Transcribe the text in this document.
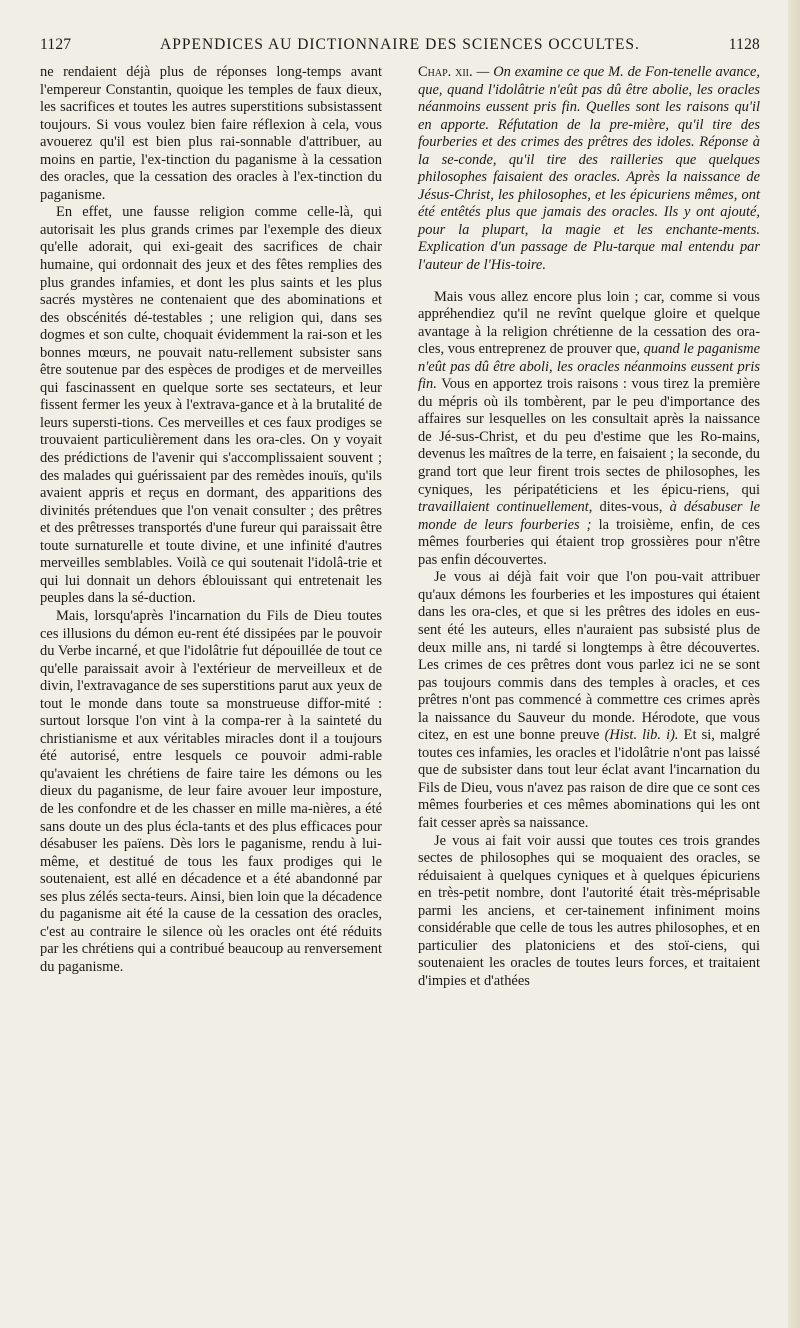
1127	APPENDICES AU DICTIONNAIRE DES SCIENCES OCCULTES.	1128

ne rendaient déjà plus de réponses long-temps avant l'empereur Constantin, quoique les temples de faux dieux, les sacrifices et toutes les autres superstitions subsistassent toujours. Si vous voulez bien faire réflexion à cela, vous avouerez qu'il est bien plus rai-sonnable d'attribuer, au moins en partie, l'ex-tinction du paganisme à la cessation des oracles, que la cessation des oracles à l'ex-tinction du paganisme.

En effet, une fausse religion comme celle-là, qui autorisait les plus grands crimes par l'exemple des dieux qu'elle adorait, qui exi-geait des sacrifices de chair humaine, qui ordonnait des jeux et des fêtes remplies des plus grandes infamies, et dont les plus saints et les plus sacrés mystères ne contenaient que des abominations et des obscénités dé-testables ; une religion qui, dans ses dogmes et son culte, choquait évidemment la rai-son et les bonnes mœurs, ne pouvait natu-rellement subsister sans être soutenue par des espèces de prodiges et de merveilles qui fascinassent en quelque sorte ses sectateurs, et leur fissent fermer les yeux à l'extrava-gance et à la brutalité de leurs supersti-tions. Ces merveilles et ces faux prodiges se trouvaient particulièrement dans les ora-cles. On y voyait des prédictions de l'avenir qui s'accomplissaient souvent ; des malades qui guérissaient par des remèdes inouïs, qu'ils avaient appris et reçus en dormant, des apparitions des divinités prétendues que l'on venait consulter ; des prêtres et des prêtresses transportés d'une fureur qui paraissait être toute surnaturelle et toute divine, et une infinité d'autres merveilles semblables. Voilà ce qui soutenait l'idolâ-trie et qui lui donnait un dehors éblouissant qui entretenait les peuples dans la sé-duction.

Mais, lorsqu'après l'incarnation du Fils de Dieu toutes ces illusions du démon eu-rent été dissipées par le pouvoir du Verbe incarné, et que l'idolâtrie fut dépouillée de tout ce qu'elle paraissait avoir à l'extérieur de merveilleux et de divin, l'extravagance de ses superstitions parut aux yeux de tout le monde dans toute sa monstrueuse diffor-mité : surtout lorsque l'on vint à la compa-rer à la sainteté du christianisme et aux véritables miracles dont il a toujours été autorisé, entre lesquels ce pouvoir admi-rable qu'avaient les chrétiens de faire taire les démons ou les dieux du paganisme, de leur faire avouer leur imposture, de les confondre et de les chasser en mille ma-nières, a été sans doute un des plus écla-tants et des plus efficaces pour désabuser les païens. Dès lors le paganisme, rendu à lui-même, et destitué de tous les faux prodiges qui le soutenaient, est allé en décadence et a été abandonné par ses plus zélés secta-teurs. Ainsi, bien loin que la décadence du paganisme ait été la cause de la cessation des oracles, c'est au contraire le silence où les oracles ont été réduits par les chrétiens qui a contribué beaucoup au renversement du paganisme.

Chap. xii. — On examine ce que M. de Fon-tenelle avance, que, quand l'idolâtrie n'eût pas dû être abolie, les oracles néanmoins eussent pris fin. Quelles sont les raisons qu'il en apporte. Réfutation de la pre-mière, qu'il tire des fourberies et des crimes des prêtres des idoles. Réponse à la se-conde, qu'il tire des railleries que quelques philosophes faisaient des oracles. Après la naissance de Jésus-Christ, les philosophes, et les épicuriens mêmes, ont été entêtés plus que jamais des oracles. Ils y ont ajouté, pour la plupart, la magie et les enchante-ments. Explication d'un passage de Plu-tarque mal entendu par l'auteur de l'His-toire.

Mais vous allez encore plus loin ; car, comme si vous appréhendiez qu'il ne revînt quelque gloire et quelque avantage à la religion chrétienne de la cessation des ora-cles, vous entreprenez de prouver que, quand le paganisme n'eût pas dû être aboli, les oracles néanmoins eussent pris fin. Vous en apportez trois raisons : vous tirez la première du mépris où ils tombèrent, par le peu d'importance des affaires sur lesquelles on les consultait après la naissance de Jé-sus-Christ, et du peu d'estime que les Ro-mains, devenus les maîtres de la terre, en faisaient ; la seconde, du grand tort que leur firent trois sectes de philosophes, les cyniques, les péripatéticiens et les épicu-riens, qui travaillaient continuellement, dites-vous, à désabuser le monde de leurs fourberies ; la troisième, enfin, de ces mêmes fourberies qui étaient trop grossières pour n'être pas enfin découvertes.

Je vous ai déjà fait voir que l'on pou-vait attribuer qu'aux démons les fourberies et les impostures qui étaient dans les ora-cles, et que si les prêtres des idoles en eus-sent été les auteurs, elles n'auraient pas subsisté plus de deux mille ans, ni tardé si longtemps à être découvertes. Les crimes de ces prêtres dont vous parlez ici ne se sont pas toujours commis dans des temples à oracles, et ces prêtres n'ont pas commencé à commettre ces crimes après la naissance du Sauveur du monde. Hérodote, que vous citez, en est une bonne preuve (Hist. lib. i). Et si, malgré toutes ces infamies, les oracles et l'idolâtrie n'ont pas laissé que de subsister dans tout leur éclat avant l'incarnation du Fils de Dieu, vous n'avez pas raison de dire que ce sont ces mêmes fourberies et ces mêmes abominations qui les ont fait cesser après sa naissance.

Je vous ai fait voir aussi que toutes ces trois grandes sectes de philosophes qui se moquaient des oracles, se réduisaient à quelques cyniques et à quelques épicuriens en très-petit nombre, dont l'autorité était très-méprisable parmi les anciens, et cer-tainement infiniment moins considérable que celle de tous les autres philosophes, et en particulier des platoniciens et des stoï-ciens, qui soutenaient les oracles de toutes leurs forces, et traitaient d'impies et d'athées
